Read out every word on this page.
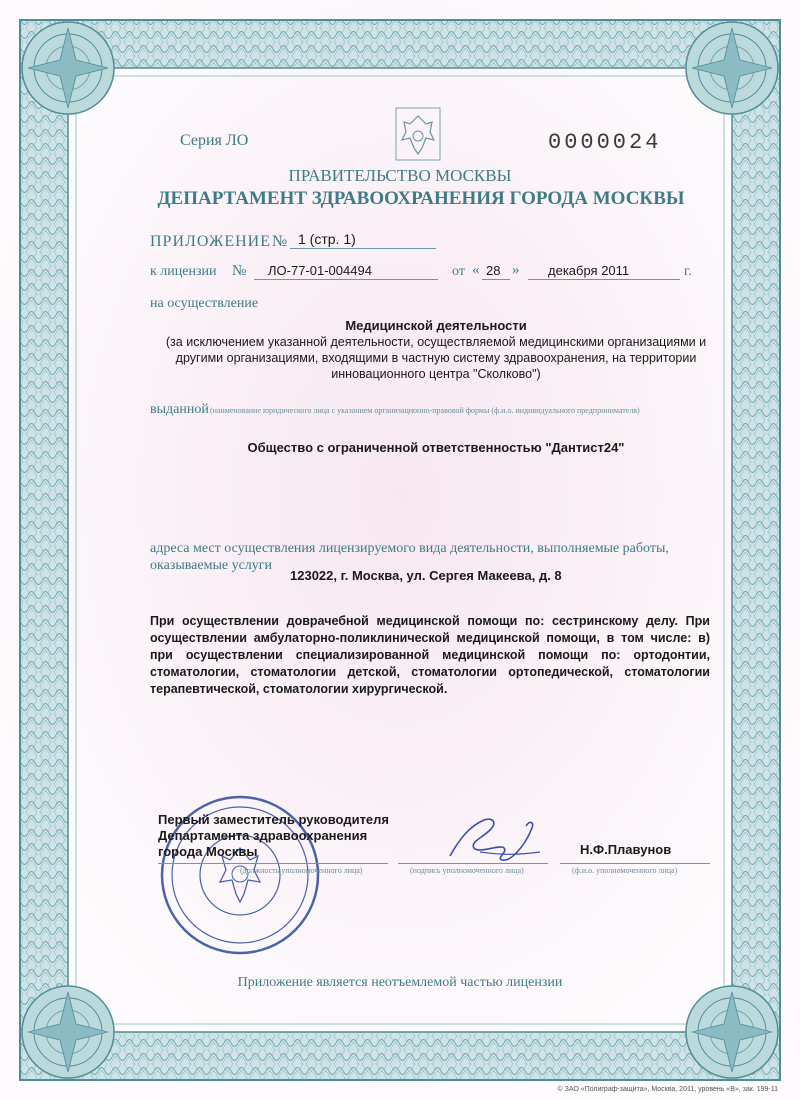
Серия ЛО	0000024
ПРАВИТЕЛЬСТВО МОСКВЫ
ДЕПАРТАМЕНТ ЗДРАВООХРАНЕНИЯ ГОРОДА МОСКВЫ
ПРИЛОЖЕНИЕ № 1 (стр. 1)
к лицензии № ЛО-77-01-004494	от « 28 » декабря 2011	г.
на осуществление
Медицинской деятельности
(за исключением указанной деятельности, осуществляемой медицинскими организациями и другими организациями, входящими в частную систему здравоохранения, на территории инновационного центра "Сколково")
выданной (наименование юридического лица с указанием организационно-правовой формы (ф.и.о. индивидуального предпринимателя)
Общество с ограниченной ответственностью "Дантист24"
адреса мест осуществления лицензируемого вида деятельности, выполняемые работы, оказываемые услуги
123022, г. Москва, ул. Сергея Макеева, д. 8
При осуществлении доврачебной медицинской помощи по: сестринскому делу. При осуществлении амбулаторно-поликлинической медицинской помощи, в том числе: в) при осуществлении специализированной медицинской помощи по: ортодонтии, стоматологии, стоматологии детской, стоматологии ортопедической, стоматологии терапевтической, стоматологии хирургической.
Первый заместитель руководителя Департамента здравоохранения города Москвы
(должность уполномоченного лица)	(подпись уполномоченного лица)
Н.Ф.Плавунов
(ф.и.о. уполномоченного лица)
Приложение является неотъемлемой частью лицензии
© ЗАО «Полиграф-защита», Москва, 2011, уровень «В», зак. 199-11
